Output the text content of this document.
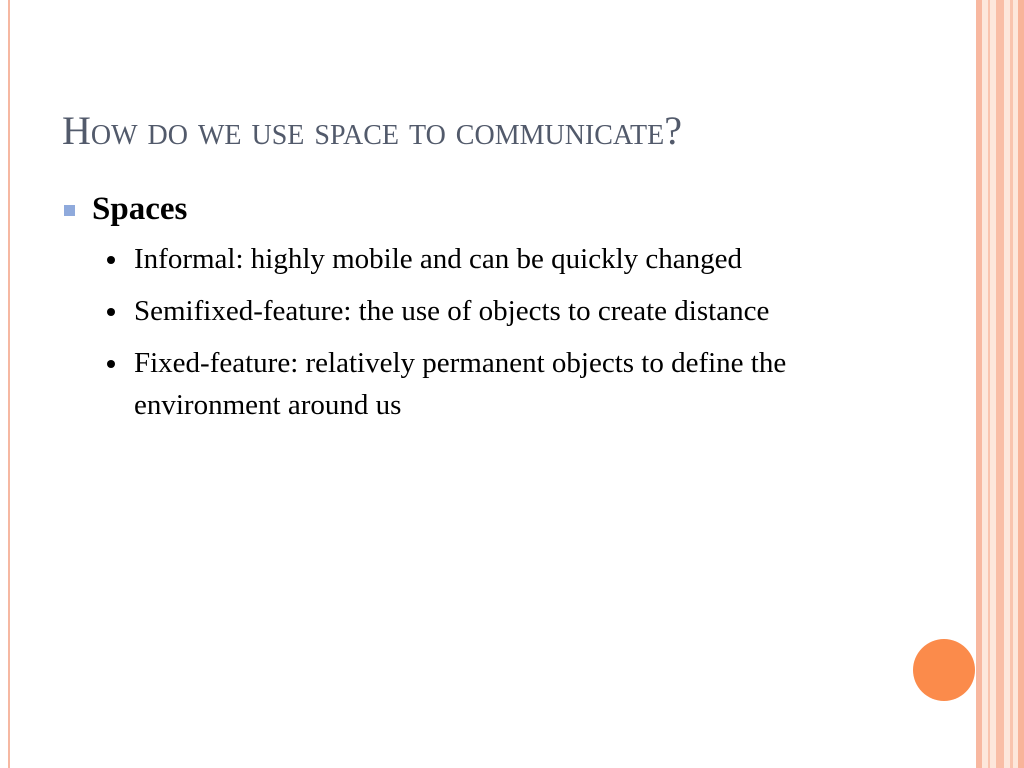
How do we use space to communicate?
Spaces
Informal: highly mobile and can be quickly changed
Semifixed-feature: the use of objects to create distance
Fixed-feature: relatively permanent objects to define the environment around us
